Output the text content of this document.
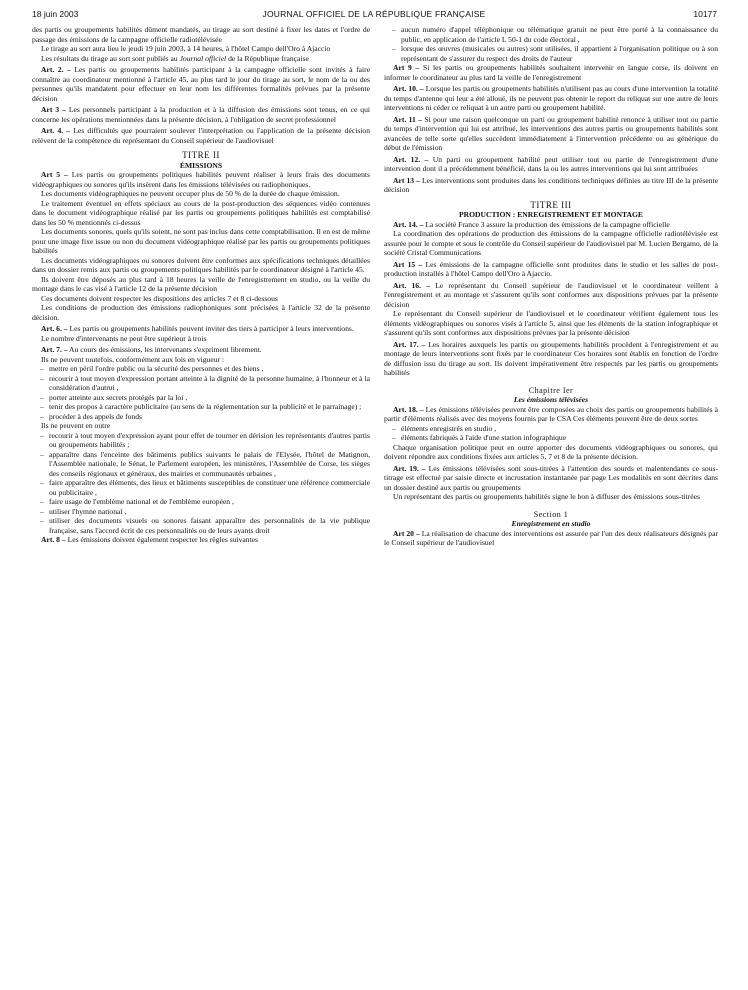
18 juin 2003	JOURNAL OFFICIEL DE LA RÉPUBLIQUE FRANÇAISE	10177

des partis ou groupements habilités dûment mandatés, au tirage au sort destiné à fixer les dates et l'ordre de passage des émissions de la campagne officielle radiotélévisée

Le tirage au sort aura lieu le jeudi 19 juin 2003, à 14 heures, à l'hôtel Campo dell'Oro à Ajaccio

Les résultats du tirage au sort sont publiés au Journal officiel de la République française

Art. 2. – Les partis ou groupements habilités participant à la campagne officielle sont invités à faire connaître au coordinateur mentionné à l'article 45, au plus tard le jour du tirage au sort, le nom de la ou des personnes qu'ils mandatent pour effectuer en leur nom les différentes formalités prévues par la présente décision

Art 3 – Les personnels participant à la production et à la diffusion des émissions sont tenus, en ce qui concerne les opérations mentionnées dans la présente décision, à l'obligation de secret professionnel

Art. 4. – Les difficultés que pourraient soulever l'interprétation ou l'application de la présente décision relèvent de la compétence du représentant du Conseil supérieur de l'audiovisuel

TITRE II

ÉMISSIONS

Art 5 – Les partis ou groupements politiques habilités peuvent réaliser à leurs frais des documents vidéographiques ou sonores qu'ils insèrent dans les émissions télévisées ou radiophoniques.

Les documents vidéographiques ne peuvent occuper plus de 50 % de la durée de chaque émission.

Le traitement éventuel en effets spéciaux au cours de la post-production des séquences vidéo contenues dans le document vidéographique réalisé par les partis ou groupements politiques habilités est comptabilisé dans les 50 % mentionnés ci-dessus

Les documents sonores, quels qu'ils soient, ne sont pas inclus dans cette comptabilisation. Il en est de même pour une image fixe issue ou non du document vidéographique réalisé par les partis ou groupements politiques habilités

Les documents vidéographiques ou sonores doivent être conformes aux spécifications techniques détaillées dans un dossier remis aux partis ou groupements politiques habilités par le coordinateur désigné à l'article 45.

Ils doivent être déposés au plus tard à 18 heures la veille de l'enregistrement en studio, ou la veille du montage dans le cas visé à l'article 12 de la présente décision

Ces documents doivent respecter les dispositions des articles 7 et 8 ci-dessous

Les conditions de production des émissions radiophoniques sont précisées à l'article 32 de la présente décision.

Art. 6. – Les partis ou groupements habilités peuvent inviter des tiers à participer à leurs interventions.

Le nombre d'intervenants ne peut être supérieur à trois

Art. 7. – Au cours des émissions, les intervenants s'expriment librement.

Ils ne peuvent toutefois, conformément aux lois en vigueur :

– mettre en péril l'ordre public ou la sécurité des personnes et des biens ,
– recourir à tout moyen d'expression portant atteinte à la dignité de la personne humaine, à l'honneur et à la considération d'autrui ,
– porter atteinte aux secrets protégés par la loi ,
– tenir des propos à caractère publicitaire (au sens de la réglementation sur la publicité et le parrainage) ;
– procéder à des appels de fonds

Ils ne peuvent en outre

– recourir à tout moyen d'expression ayant pour effet de tourner en dérision les représentants d'autres partis ou groupements habilités ;
– apparaître dans l'enceinte des bâtiments publics suivants le palais de l'Elysée, l'hôtel de Matignon, l'Assemblée nationale, le Sénat, le Parlement européen, les ministères, l'Assemblée de Corse, les sièges des conseils régionaux et généraux, des mairies et communautés urbaines ,
– faire apparaître des éléments, des lieux et bâtiments susceptibles de constituer une référence commerciale ou publicitaire ,
– faire usage de l'emblème national et de l'emblème européen ,
– utiliser l'hymne national ,
– utiliser des documents visuels ou sonores faisant apparaître des personnalités de la vie publique française, sans l'accord écrit de ces personnalités ou de leurs ayants droit

Art. 8 – Les émissions doivent également respecter les règles suivantes

– aucun numéro d'appel téléphonique ou télématique gratuit ne peut être porté à la connaissance du public, en application de l'article L 50-1 du code électoral ,
– lorsque des œuvres (musicales ou autres) sont utilisées, il appartient à l'organisation politique ou à son représentant de s'assurer du respect des droits de l'auteur

Art 9 – Si les partis ou groupements habilités souhaitent intervenir en langue corse, ils doivent en informer le coordinateur au plus tard la veille de l'enregistrement

Art. 10. – Lorsque les partis ou groupements habilités n'utilisent pas au cours d'une intervention la totalité du temps d'antenne qui leur a été alloué, ils ne peuvent pas obtenir le report du reliquat sur une autre de leurs interventions ni céder ce reliquat à un autre parti ou groupement habilité.

Art. 11 – Si pour une raison quelconque un parti ou groupement habilité renonce à utiliser tout ou partie du temps d'intervention qui lui est attribué, les interventions des autres partis ou groupements habilités sont avancées de telle sorte qu'elles succèdent immédiatement à l'intervention précédente ou au générique du début de l'émission

Art. 12. – Un parti ou groupement habilité peut utiliser tout ou partie de l'enregistrement d'une intervention dont il a précédemment bénéficié, dans la ou les autres interventions qui lui sont attribuées

Art 13 – Les interventions sont produites dans les conditions techniques définies au titre III de la présente décision

TITRE III

PRODUCTION : ENREGISTREMENT ET MONTAGE

Art. 14. – La société France 3 assure la production des émissions de la campagne officielle

La coordination des opérations de production des émissions de la campagne officielle radiotélévisée est assurée pour le compte et sous le contrôle du Conseil supérieur de l'audiovisuel par M. Lucien Bergamo, de la société Cristal Communications

Art 15 – Les émissions de la campagne officielle sont produites dans le studio et les salles de post-production installés à l'hôtel Campo dell'Oro à Ajaccio.

Art. 16. – Le représentant du Conseil supérieur de l'audiovisuel et le coordinateur veillent à l'enregistrement et au montage et s'assurent qu'ils sont conformes aux dispositions prévues par la présente décision

Le représentant du Conseil supérieur de l'audiovisuel et le coordinateur vérifient également tous les éléments vidéographiques ou sonores visés à l'article 5, ainsi que les éléments de la station infographique et s'assurent qu'ils sont conformes aux dispositions prévues par la présente décision

Art. 17. – Les horaires auxquels les partis ou groupements habilités procèdent à l'enregistrement et au montage de leurs interventions sont fixés par le coordinateur Ces horaires sont établis en fonction de l'ordre de diffusion issu du tirage au sort. Ils doivent impérativement être respectés par les partis ou groupements habilités

Chapitre Ier

Les émissions télévisées

Art. 18. – Les émissions télévisées peuvent être composées au choix des partis ou groupements habilités à partir d'éléments réalisés avec des moyens fournis par le CSA Ces éléments peuvent être de deux sortes

– éléments enregistrés en studio ,
– éléments fabriqués à l'aide d'une station infographique

Chaque organisation politique peut en outre apporter des documents vidéographiques ou sonores, qui doivent répondre aux conditions fixées aux articles 5, 7 et 8 de la présente décision.

Art. 19. – Les émissions télévisées sont sous-titrées à l'attention des sourds et malentendants ce sous-titrage est effectué par saisie directe et incrustation instantanée par page Les modalités en sont décrites dans un dossier destiné aux partis ou groupements

Un représentant des partis ou groupements habilités signe le bon à diffuser des émissions sous-titrées

Section 1

Enregistrement en studio

Art 20 – La réalisation de chacune des interventions est assurée par l'un des deux réalisateurs désignés par le Conseil supérieur de l'audiovisuel
